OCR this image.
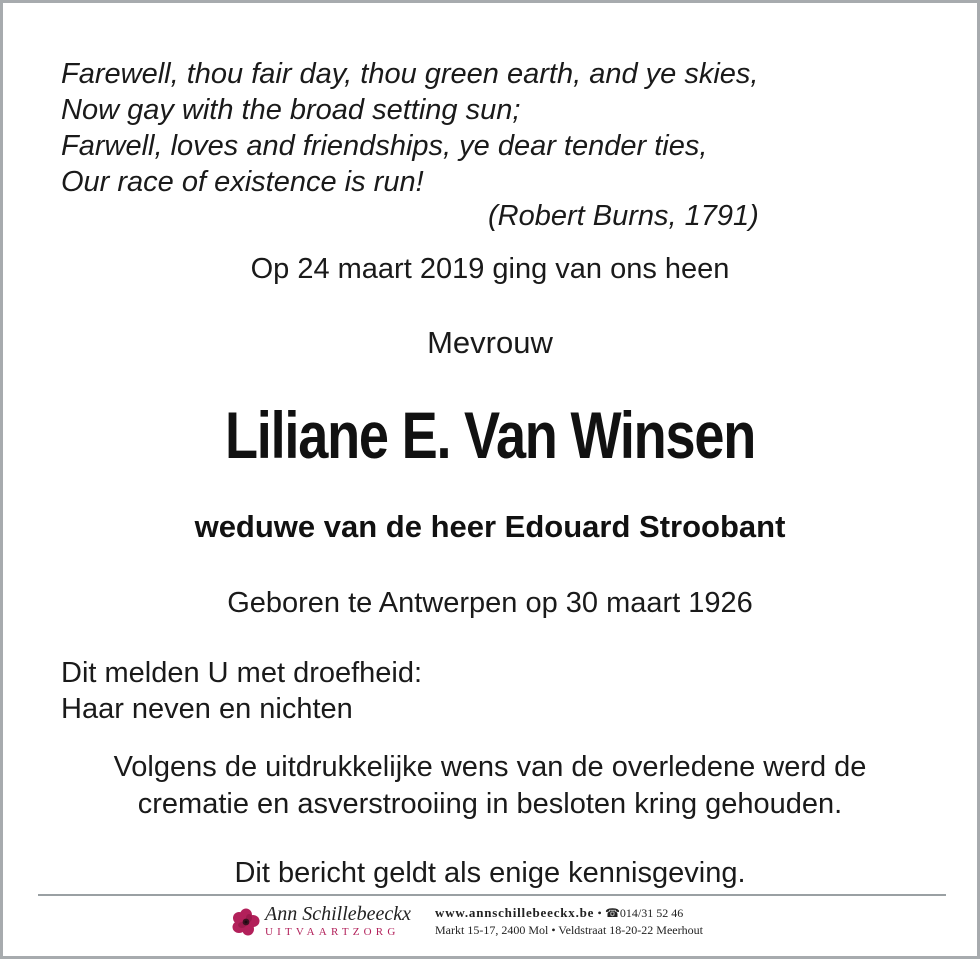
Farewell, thou fair day, thou green earth, and ye skies,
Now gay with the broad setting sun;
Farwell, loves and friendships, ye dear tender ties,
Our race of existence is run!
(Robert Burns, 1791)
Op 24 maart 2019 ging van ons heen
Mevrouw
Liliane E. Van Winsen
weduwe van de heer Edouard Stroobant
Geboren te Antwerpen op 30 maart 1926
Dit melden U met droefheid:
Haar neven en nichten
Volgens de uitdrukkelijke wens van de overledene werd de
crematie en asverstrooiing in besloten kring gehouden.
Dit bericht geldt als enige kennisgeving.
Ann Schillebeeckx
UITVAARTZORG
www.annschillebeeckx.be • ☎014/31 52 46
Markt 15-17, 2400 Mol • Veldstraat 18-20-22 Meerhout
